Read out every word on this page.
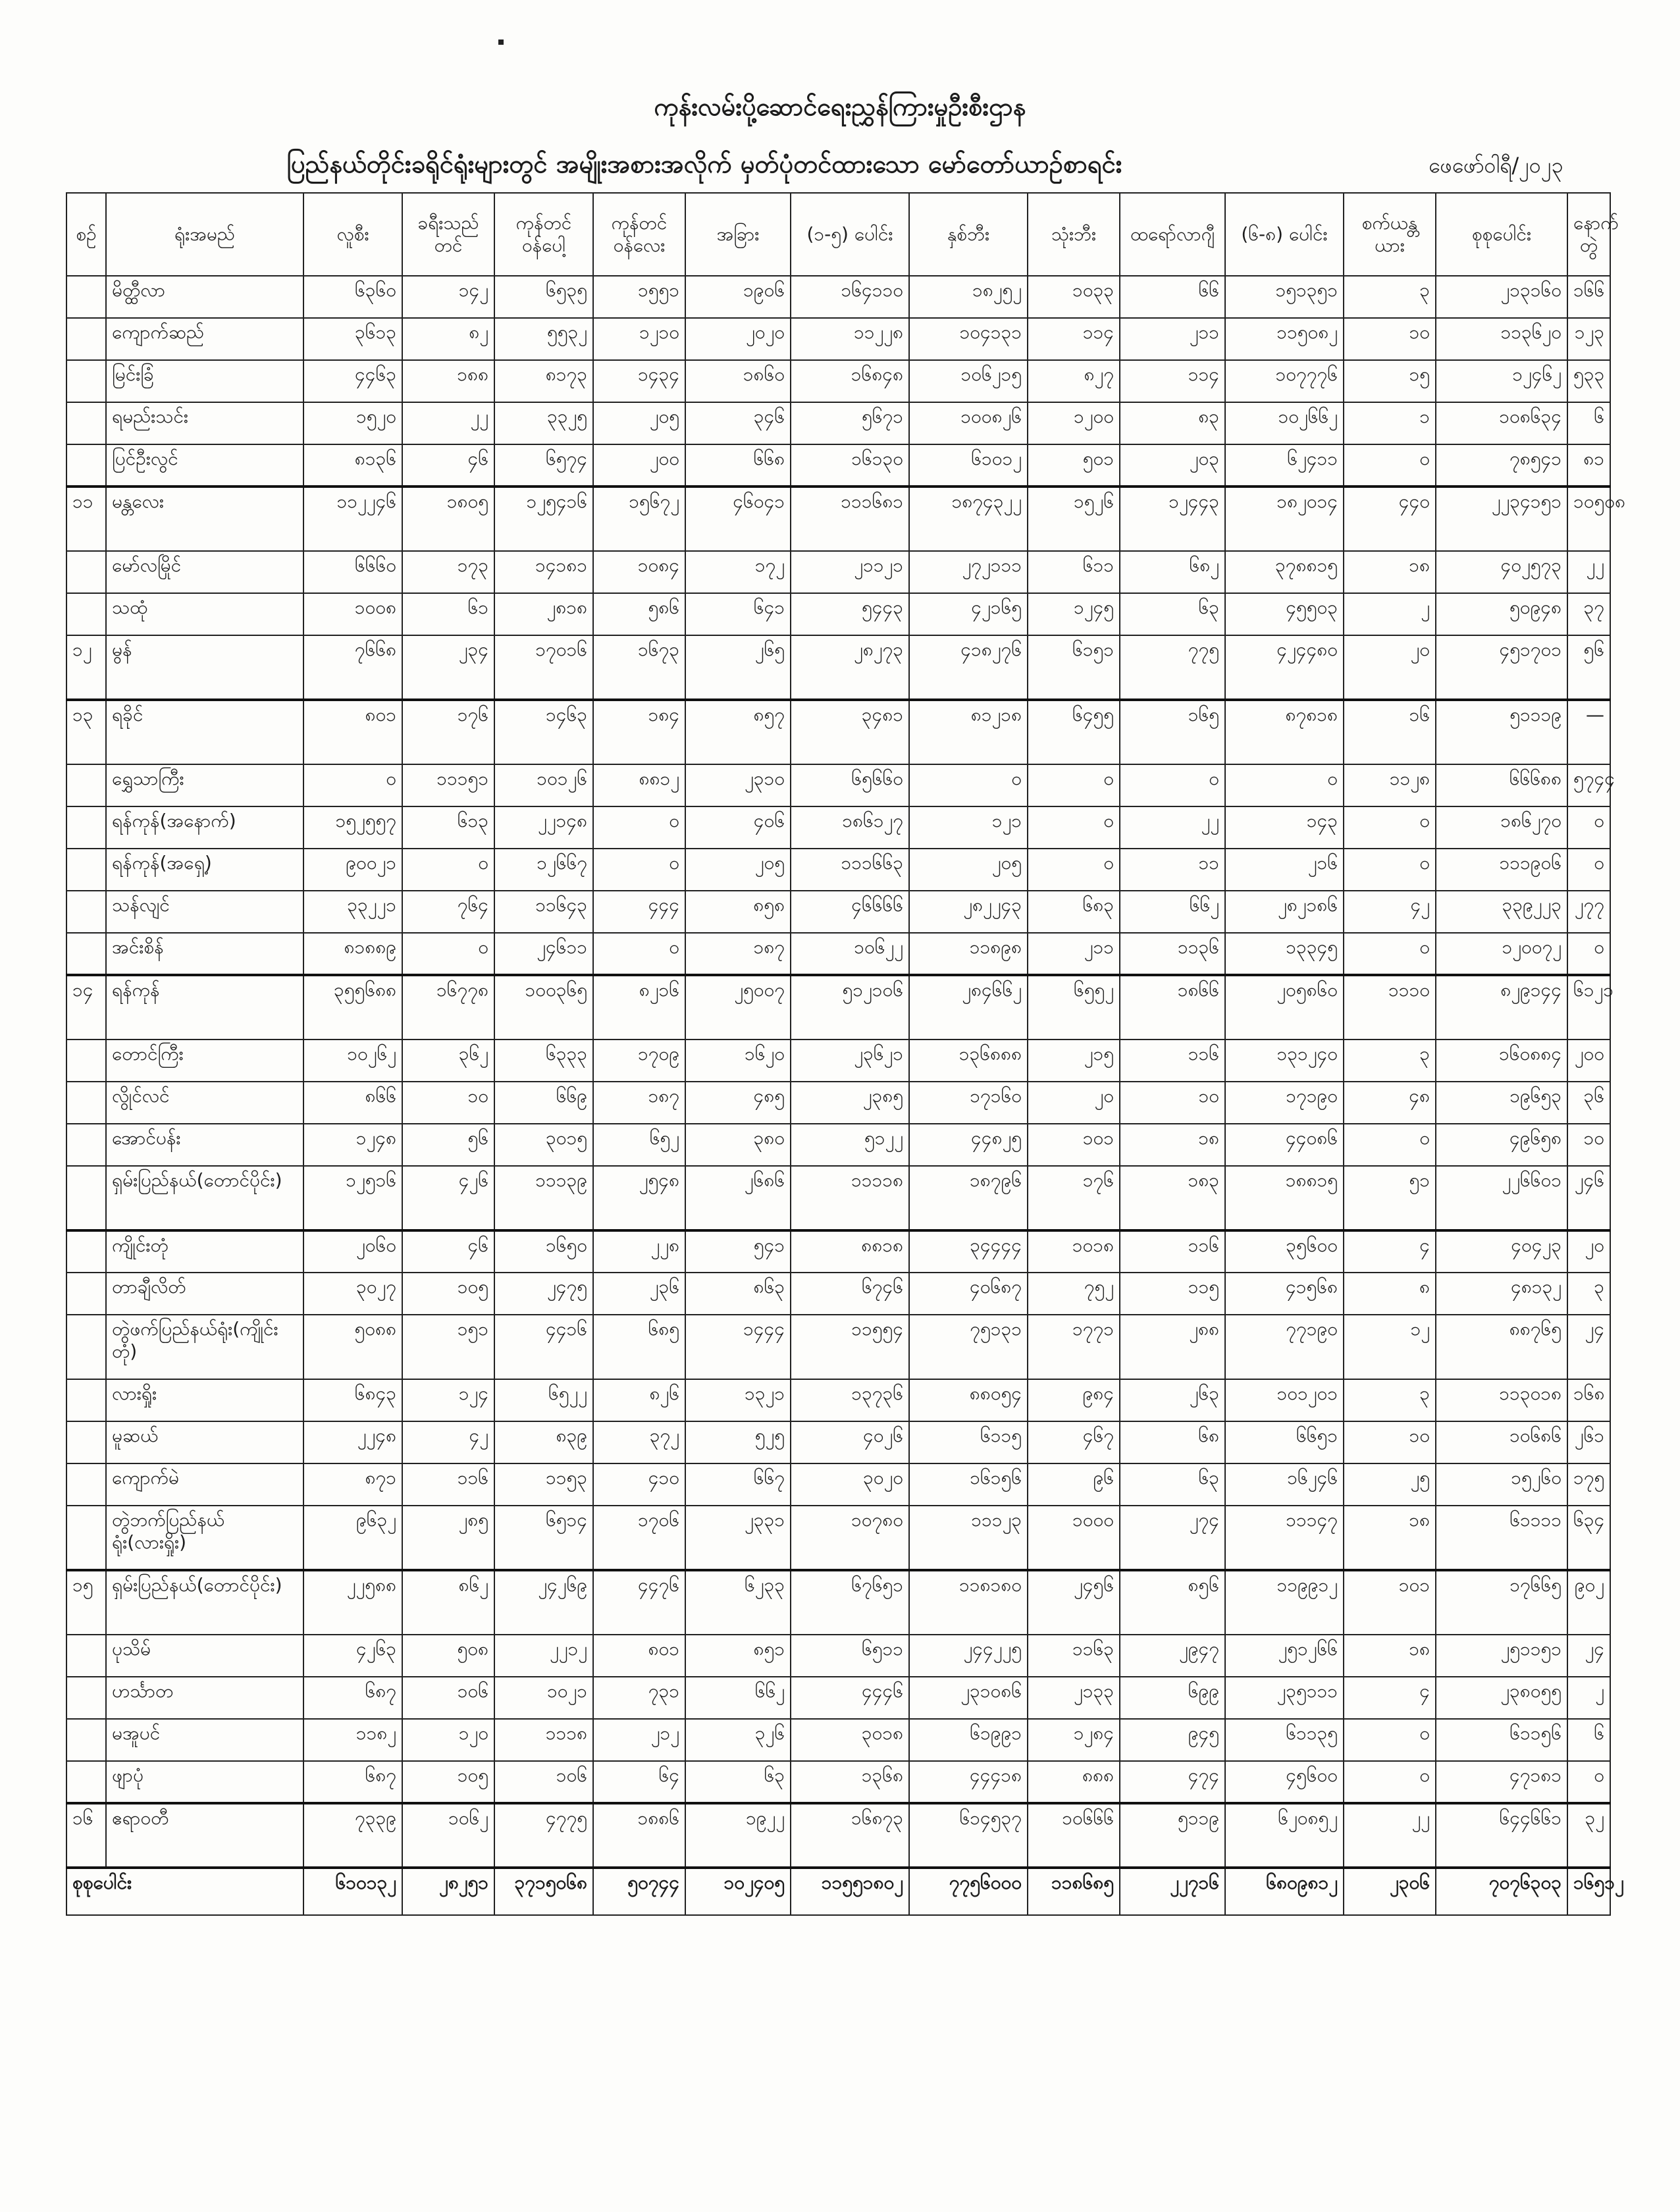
ကုန်းလမ်းပို့ဆောင်ရေးညွှန်ကြားမှုဦးစီးဌာန
ပြည်နယ်တိုင်းခရိုင်ရုံးများတွင် အမျိုးအစားအလိုက် မှတ်ပုံတင်ထားသော မော်တော်ယာဉ်စာရင်း	ဖေဖော်ဝါရီ/၂၀၂၃
စဉ်	ရုံးအမည်	လူစီး	ခရီးသည်တင်	ကုန်တင်ဝန်ပေါ့	ကုန်တင်ဝန်လေး	အခြား	(၁-၅) ပေါင်း	နှစ်ဘီး	သုံးဘီး	ထရော်လာဂျီ	(၆-၈) ပေါင်း	စက်ယန္တယား	စုစုပေါင်း	နောက်တွဲ
	မိတ္ထီလာ	၆၃၆၀	၁၄၂	၆၅၃၅	၁၅၅၁	၁၉၀၆	၁၆၄၁၁၀	၁၈၂၅၂	၁၀၃၃	၆၆	၁၅၁၃၅၁	၃	၂၁၃၁၆၀	၁၆၆
	ကျောက်ဆည်	၃၆၁၃	၈၂	၅၅၃၂	၁၂၁၀	၂၀၂၀	၁၁၂၂၈	၁၀၄၁၃၁	၁၁၄	၂၁၁	၁၁၅၀၈၂	၁၀	၁၁၃၆၂၀	၁၂၃
	မြင်းခြံ	၄၄၆၃	၁၈၈	၈၁၇၃	၁၄၃၄	၁၈၆၀	၁၆၈၄၈	၁၀၆၂၁၅	၈၂၇	၁၁၄	၁၀၇၇၇၆	၁၅	၁၂၄၆၂	၅၃၃
	ရမည်းသင်း	၁၅၂၀	၂၂	၃၃၂၅	၂၀၅	၃၄၆	၅၆၇၁	၁၀၀၈၂၆	၁၂၀၀	၈၃	၁၀၂၆၆၂	၁	၁၀၈၆၃၄	၆
	ပြင်ဦးလွင်	၈၁၃၆	၄၆	၆၅၇၄	၂၀၀	၆၆၈	၁၆၁၃၀	၆၁၀၁၂	၅၀၁	၂၀၃	၆၂၄၁၁	၀	၇၈၅၄၁	၈၁
၁၁	မန္တလေး	၁၁၂၂၄၆	၁၈၀၅	၁၂၅၄၁၆	၁၅၆၇၂	၄၆၀၄၁	၁၁၁၆၈၁	၁၈၇၄၃၂၂	၁၅၂၆	၁၂၄၄၃	၁၈၂၀၁၄	၄၄၀	၂၂၃၄၁၅၁	၁၀၅၀၈
	မော်လမြိုင်	၆၆၆၀	၁၇၃	၁၄၁၈၁	၁၀၈၄	၁၇၂	၂၁၁၂၁	၂၇၂၁၁၁	၆၁၁	၆၈၂	၃၇၈၈၁၅	၁၈	၄၀၂၅၇၃	၂၂
	သထုံ	၁၀၀၈	၆၁	၂၈၁၈	၅၈၆	၆၄၁	၅၄၄၃	၄၂၁၆၅	၁၂၄၅	၆၃	၄၅၅၀၃	၂	၅၀၉၄၈	၃၇
၁၂	မွန်	၇၆၆၈	၂၃၄	၁၇၀၁၆	၁၆၇၃	၂၆၅	၂၈၂၇၃	၄၁၈၂၇၆	၆၁၅၁	၇၇၅	၄၂၄၄၈၀	၂၀	၄၅၁၇၀၁	၅၆
၁၃	ရခိုင်	၈၀၁	၁၇၆	၁၄၆၃	၁၈၄	၈၅၇	၃၄၈၁	၈၁၂၁၈	၆၄၅၅	၁၆၅	၈၇၈၁၈	၁၆	၅၁၁၁၉	—
	ရွှေသာကြီး	၀	၁၁၁၅၁	၁၀၁၂၆	၈၈၁၂	၂၃၁၀	၆၅၆၆၀	၀	၀	၀	၀	၁၁၂၈	၆၆၆၈၈	၅၇၄၄
	ရန်ကုန်(အနောက်)	၁၅၂၅၅၇	၆၁၃	၂၂၁၄၈	၀	၄၀၆	၁၈၆၁၂၇	၁၂၁	၀	၂၂	၁၄၃	၀	၁၈၆၂၇၀	၀
	ရန်ကုန်(အရှေ့)	၉၀၀၂၁	၀	၁၂၆၆၇	၀	၂၀၅	၁၁၁၆၆၃	၂၀၅	၀	၁၁	၂၁၆	၀	၁၁၁၉၀၆	၀
	သန်လျင်	၃၃၂၂၁	၇၆၄	၁၁၆၄၃	၄၄၄	၈၅၈	၄၆၆၆၆	၂၈၂၂၄၃	၆၈၃	၆၆၂	၂၈၂၁၈၆	၄၂	၃၃၉၂၂၃	၂၇၇
	အင်းစိန်	၈၁၈၈၉	၀	၂၄၆၁၁	၀	၁၈၇	၁၀၆၂၂	၁၁၈၉၈	၂၁၁	၁၁၃၆	၁၃၃၄၅	၀	၁၂၀၀၇၂	၀
၁၄	ရန်ကုန်	၃၅၅၆၈၈	၁၆၇၇၈	၁၀၀၃၆၅	၈၂၁၆	၂၅၀၀၇	၅၁၂၁၀၆	၂၈၄၆၆၂	၆၅၅၂	၁၈၆၆	၂၀၅၈၆၀	၁၁၁၀	၈၂၉၁၄၄	၆၁၂၁
	တောင်ကြီး	၁၀၂၆၂	၃၆၂	၆၃၃၃	၁၇၀၉	၁၆၂၀	၂၃၆၂၁	၁၃၆၈၈၈	၂၁၅	၁၁၆	၁၃၁၂၄၀	၃	၁၆၀၈၈၄	၂၀၀
	လွိုင်လင်	၈၆၆	၁၀	၆၆၉	၁၈၇	၄၈၅	၂၃၈၅	၁၇၁၆၀	၂၀	၁၀	၁၇၁၉၀	၄၈	၁၉၆၅၃	၃၆
	အောင်ပန်း	၁၂၄၈	၅၆	၃၀၁၅	၆၅၂	၃၈၀	၅၁၂၂	၄၄၈၂၅	၁၀၁	၁၈	၄၄၀၈၆	၀	၄၉၆၅၈	၁၀
	ရှမ်းပြည်နယ်(တောင်ပိုင်း)	၁၂၅၁၆	၄၂၆	၁၁၁၃၉	၂၅၄၈	၂၆၈၆	၁၁၁၁၈	၁၈၇၉၆	၁၇၆	၁၈၃	၁၈၈၁၅	၅၁	၂၂၆၆၀၁	၂၄၆
	ကျိုင်းတုံ	၂၀၆၀	၄၆	၁၆၅၀	၂၂၈	၅၄၁	၈၈၁၈	၃၄၄၄၄	၁၀၁၈	၁၁၆	၃၅၆၀၀	၄	၄၀၄၂၃	၂၀
	တာချီလိတ်	၃၀၂၇	၁၀၅	၂၄၇၅	၂၃၆	၈၆၃	၆၇၄၆	၄၀၆၈၇	၇၅၂	၁၁၅	၄၁၅၆၈	၈	၄၈၁၃၂	၃
	တွဲဖက်ပြည်နယ်ရုံး(ကျိုင်းတုံ)	၅၀၈၈	၁၅၁	၄၄၁၆	၆၈၅	၁၄၄၄	၁၁၅၅၄	၇၅၁၃၁	၁၇၇၁	၂၈၈	၇၇၁၉၀	၁၂	၈၈၇၆၅	၂၄
	လားရှိုး	၆၈၄၃	၁၂၄	၆၅၂၂	၈၂၆	၁၃၂၁	၁၃၇၃၆	၈၈၀၅၄	၉၈၄	၂၆၃	၁၀၁၂၀၁	၃	၁၁၃၀၁၈	၁၆၈
	မူဆယ်	၂၂၄၈	၄၂	၈၃၉	၃၇၂	၅၂၅	၄၀၂၆	၆၁၁၅	၄၆၇	၆၈	၆၆၅၁	၁၀	၁၀၆၈၆	၂၆၁
	ကျောက်မဲ	၈၇၁	၁၁၆	၁၁၅၃	၄၁၀	၆၆၇	၃၀၂၀	၁၆၁၅၆	၉၆	၆၃	၁၆၂၄၆	၂၅	၁၅၂၆၀	၁၇၅
	တွဲဘက်ပြည်နယ်ရုံး(လားရှိုး)	၉၆၃၂	၂၈၅	၆၅၁၄	၁၇၀၆	၂၃၃၁	၁၀၇၈၀	၁၁၁၂၃	၁၀၀၀	၂၇၄	၁၁၁၄၇	၁၈	၆၁၁၁၁	၆၃၄
၁၅	ရှမ်းပြည်နယ်(တောင်ပိုင်း)	၂၂၅၈၈	၈၆၂	၂၄၂၆၉	၄၄၇၆	၆၂၃၃	၆၇၆၅၁	၁၁၈၁၈၀	၂၄၅၆	၈၅၆	၁၁၉၉၁၂	၁၀၁	၁၇၆၆၅	၉၀၂
	ပုသိမ်	၄၂၆၃	၅၀၈	၂၂၁၂	၈၀၁	၈၅၁	၆၅၁၁	၂၄၄၂၂၅	၁၁၆၃	၂၉၄၇	၂၅၁၂၆၆	၁၈	၂၅၁၁၅၁	၂၄
	ဟင်္သာတ	၆၈၇	၁၀၆	၁၀၂၁	၇၃၁	၆၆၂	၄၄၄၆	၂၃၁၀၈၆	၂၁၃၃	၆၉၉	၂၃၅၁၁၁	၄	၂၃၈၀၅၅	၂
	မအူပင်	၁၁၈၂	၁၂၀	၁၁၁၈	၂၁၂	၃၂၆	၃၀၁၈	၆၁၉၉၁	၁၂၈၄	၉၄၅	၆၁၁၃၅	၀	၆၁၁၅၆	၆
	ဖျာပုံ	၆၈၇	၁၀၅	၁၀၆	၆၄	၆၃	၁၃၆၈	၄၄၄၁၈	၈၈၈	၄၇၄	၄၅၆၀၀	၀	၄၇၁၈၁	၀
၁၆	ဧရာဝတီ	၇၃၃၉	၁၀၆၂	၄၇၇၅	၁၈၈၆	၁၉၂၂	၁၆၈၇၃	၆၁၄၅၃၇	၁၀၆၆၆	၅၁၁၉	၆၂၀၈၅၂	၂၂	၆၄၄၆၆၁	၃၂
စုစုပေါင်း		၆၁၀၁၃၂	၂၈၂၅၁	၃၇၁၅၀၆၈	၅၀၇၄၄	၁၀၂၄၀၅	၁၁၅၅၁၈၀၂	၇၇၅၆၀၀၀	၁၁၈၆၈၅	၂၂၇၁၆	၆၈၀၉၈၁၂	၂၃၀၆	၇၀၇၆၃၀၃	၁၆၅၁၂
